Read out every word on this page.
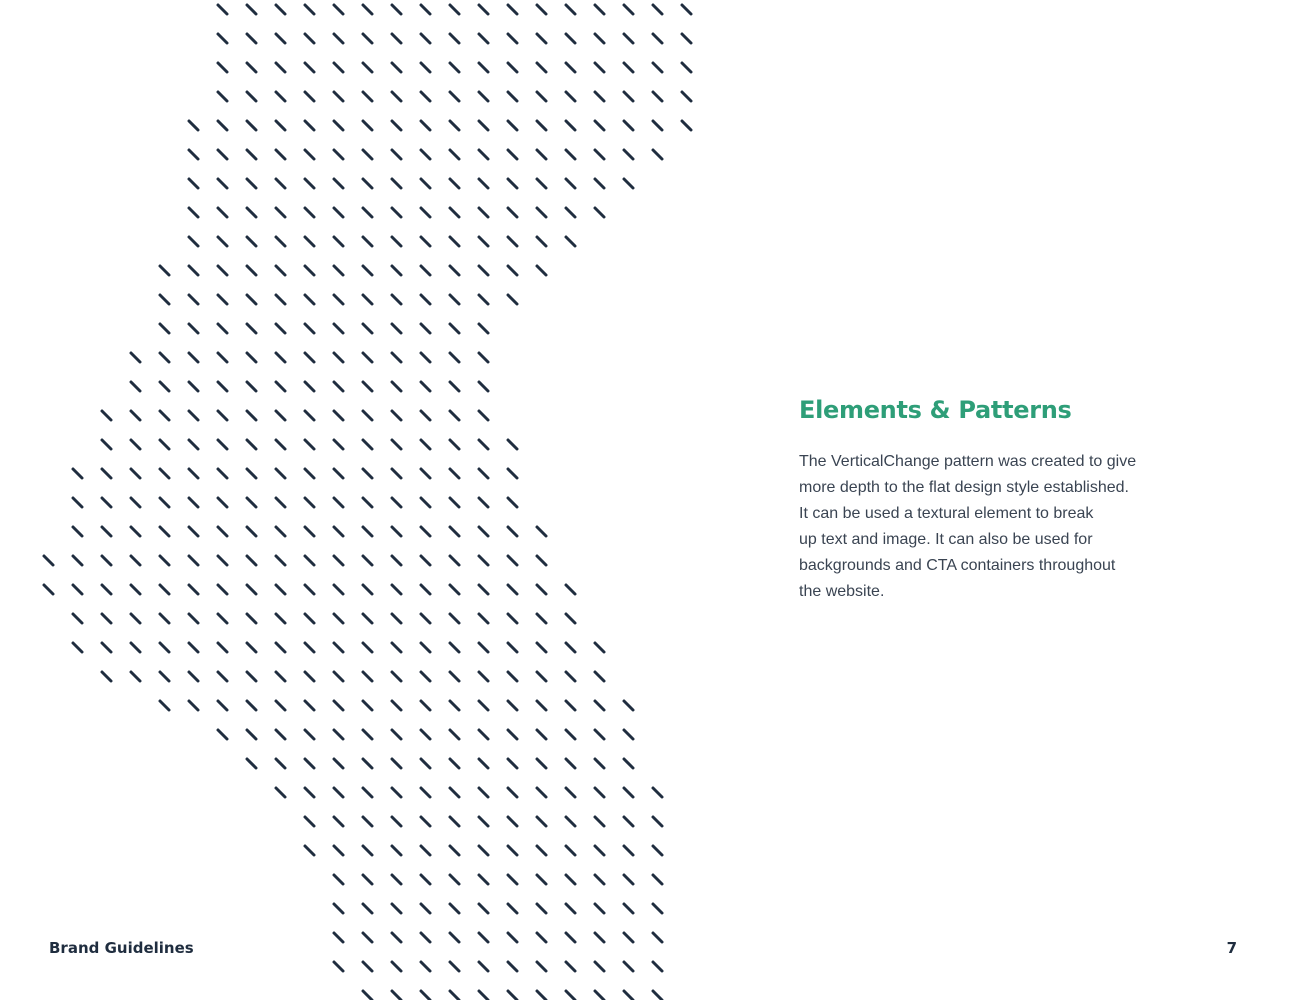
Elements & Patterns

The VerticalChange pattern was created to give
more depth to the flat design style established.
It can be used a textural element to break
up text and image. It can also be used for
backgrounds and CTA containers throughout
the website.

Brand Guidelines	7
